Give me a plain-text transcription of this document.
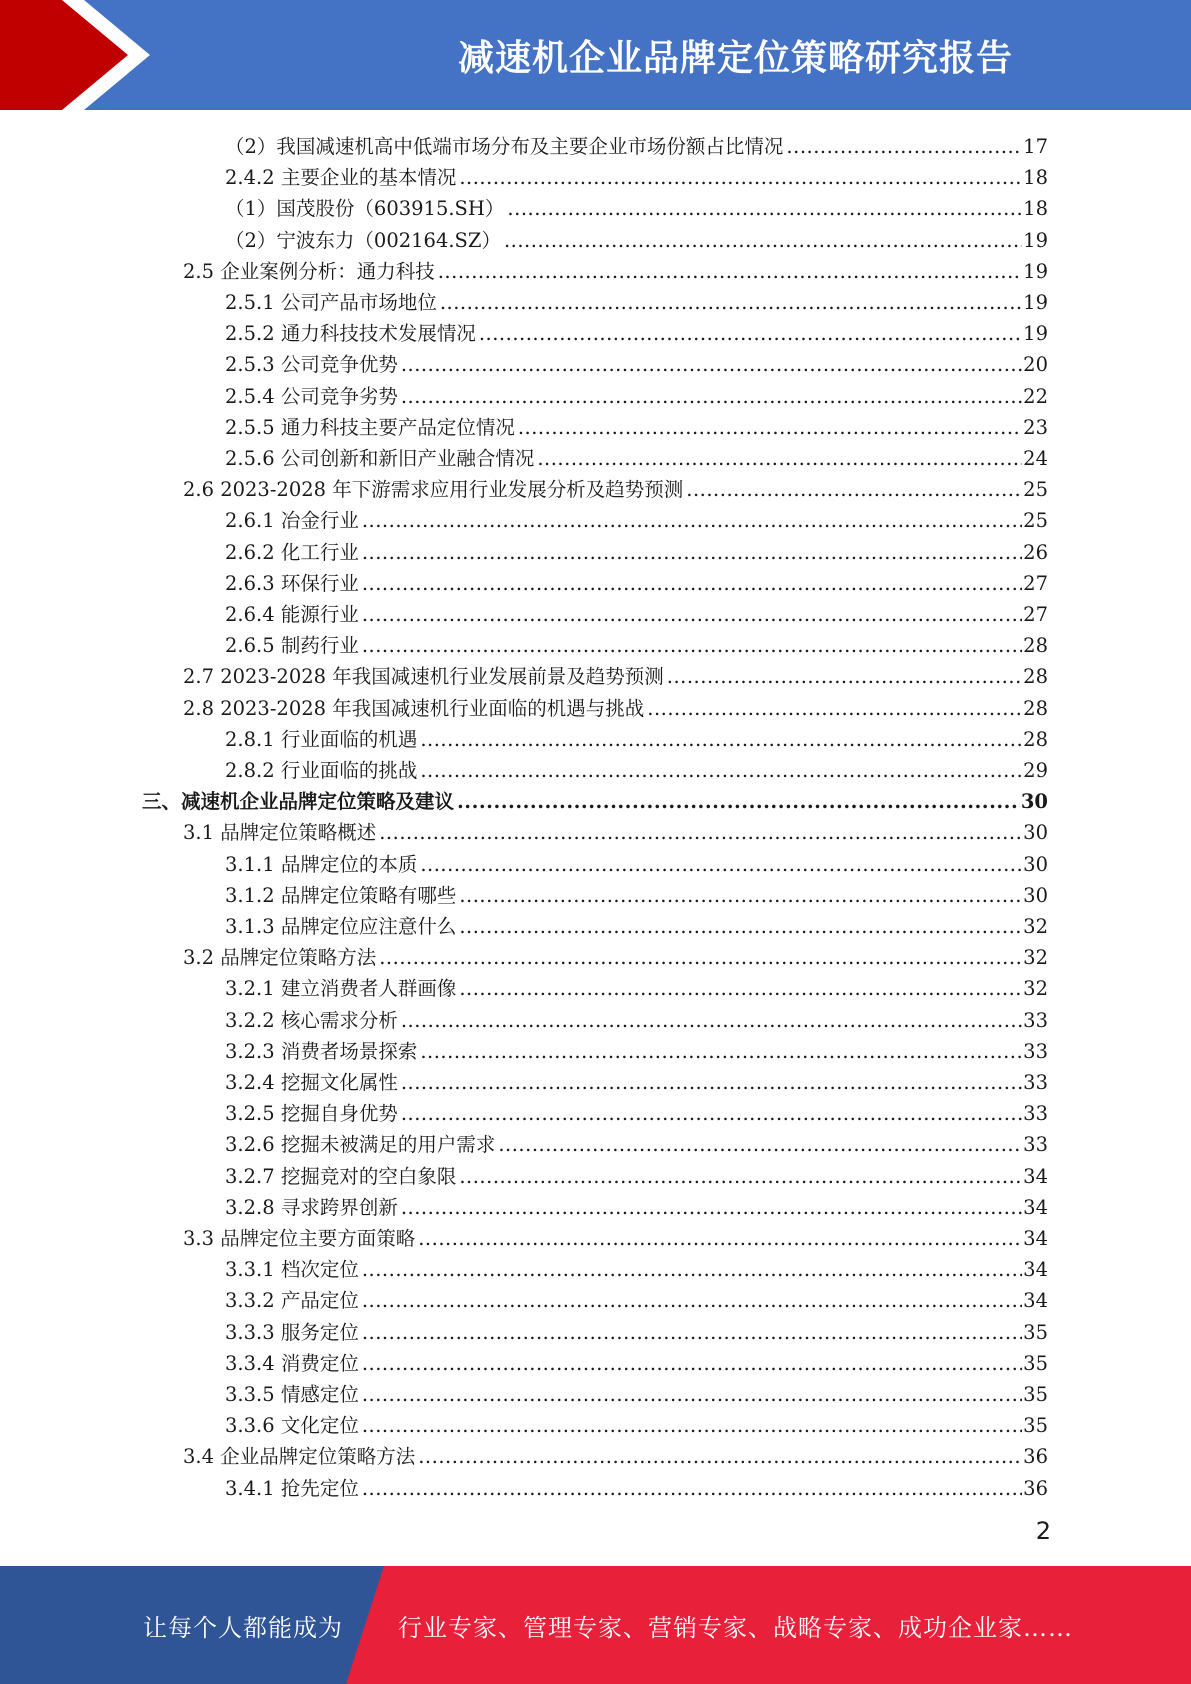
减速机企业品牌定位策略研究报告
（2）我国减速机高中低端市场分布及主要企业市场份额占比情况 .....	17
2.4.2 主要企业的基本情况 .....	18
（1）国茂股份（603915.SH） .....	18
（2）宁波东力（002164.SZ） .....	19
2.5 企业案例分析：通力科技 .....	19
2.5.1 公司产品市场地位 .....	19
2.5.2 通力科技技术发展情况 .....	19
2.5.3 公司竞争优势 .....	20
2.5.4 公司竞争劣势 .....	22
2.5.5 通力科技主要产品定位情况 .....	23
2.5.6 公司创新和新旧产业融合情况 .....	24
2.6 2023-2028 年下游需求应用行业发展分析及趋势预测 .....	25
2.6.1 冶金行业 .....	25
2.6.2 化工行业 .....	26
2.6.3 环保行业 .....	27
2.6.4 能源行业 .....	27
2.6.5 制药行业 .....	28
2.7 2023-2028 年我国减速机行业发展前景及趋势预测 .....	28
2.8 2023-2028 年我国减速机行业面临的机遇与挑战 .....	28
2.8.1 行业面临的机遇 .....	28
2.8.2 行业面临的挑战 .....	29
三、减速机企业品牌定位策略及建议 .....	30
3.1 品牌定位策略概述 .....	30
3.1.1 品牌定位的本质 .....	30
3.1.2 品牌定位策略有哪些 .....	30
3.1.3 品牌定位应注意什么 .....	32
3.2 品牌定位策略方法 .....	32
3.2.1 建立消费者人群画像 .....	32
3.2.2 核心需求分析 .....	33
3.2.3 消费者场景探索 .....	33
3.2.4 挖掘文化属性 .....	33
3.2.5 挖掘自身优势 .....	33
3.2.6 挖掘未被满足的用户需求 .....	33
3.2.7 挖掘竞对的空白象限 .....	34
3.2.8 寻求跨界创新 .....	34
3.3 品牌定位主要方面策略 .....	34
3.3.1 档次定位 .....	34
3.3.2 产品定位 .....	34
3.3.3 服务定位 .....	35
3.3.4 消费定位 .....	35
3.3.5 情感定位 .....	35
3.3.6 文化定位 .....	35
3.4 企业品牌定位策略方法 .....	36
3.4.1 抢先定位 .....	36
2
让每个人都能成为 行业专家、管理专家、营销专家、战略专家、成功企业家……
